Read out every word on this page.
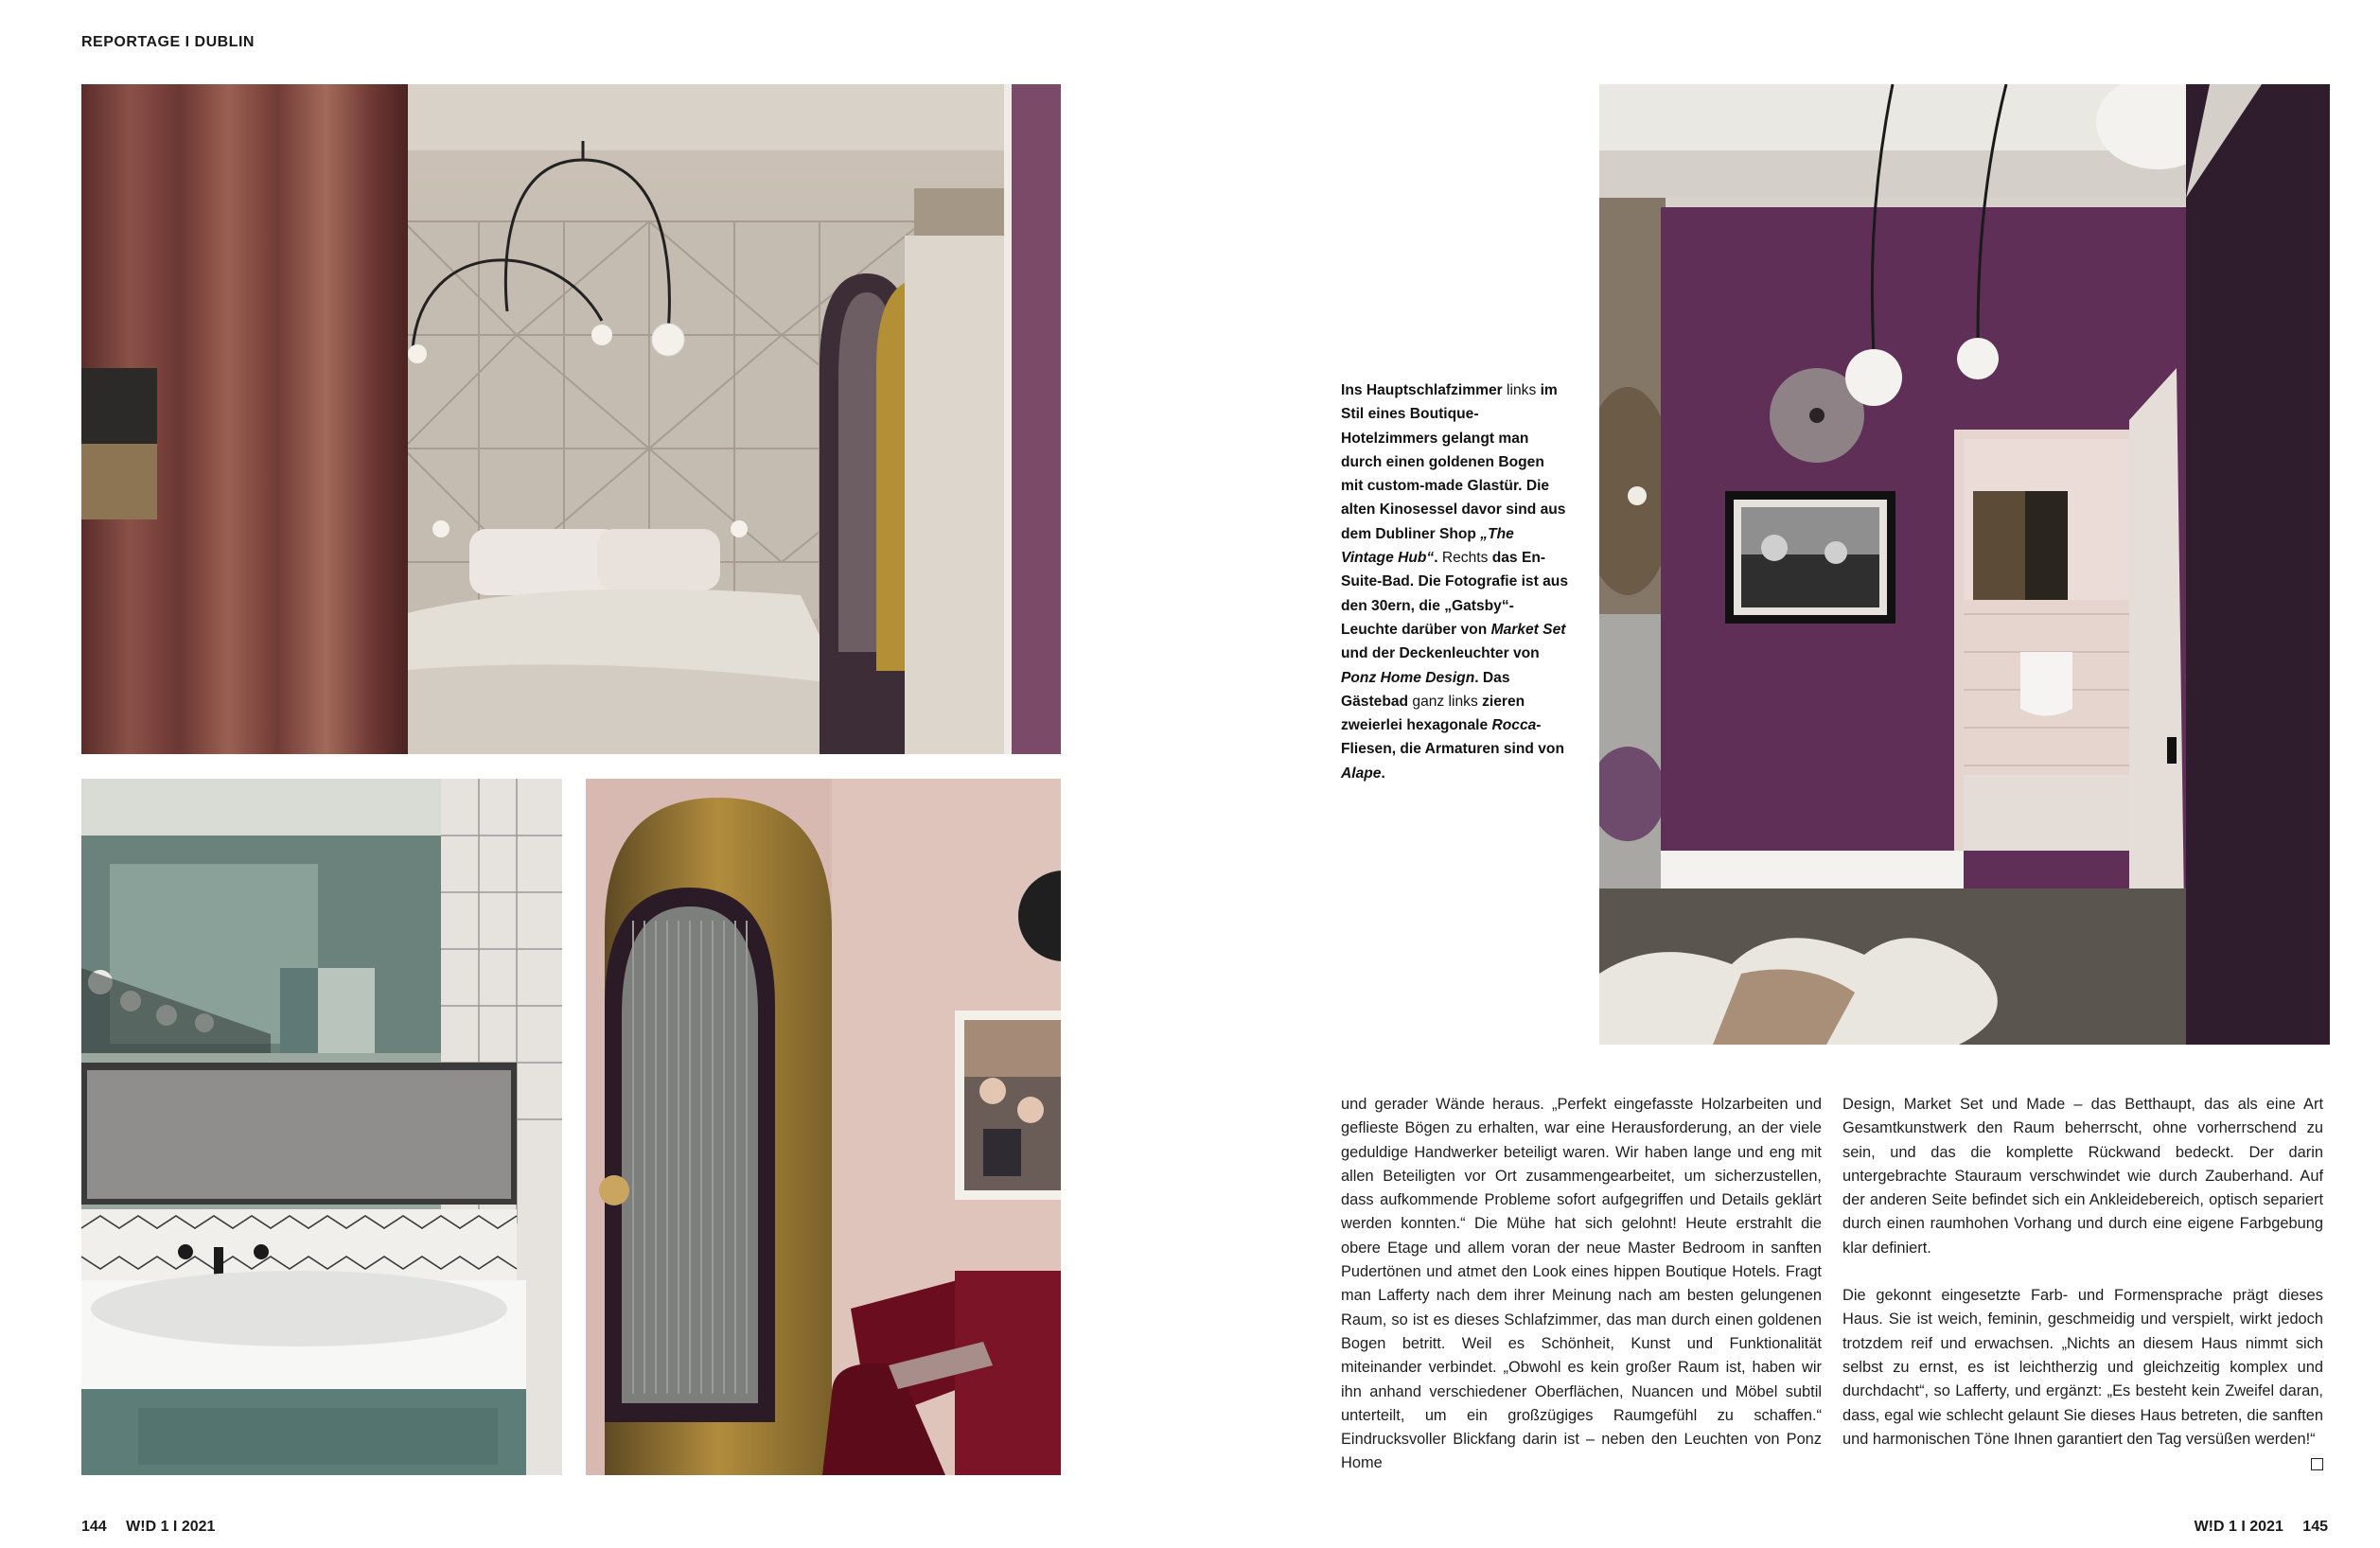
REPORTAGE I DUBLIN
Ins Hauptschlafzimmer links im Stil eines Boutique-Hotelzimmers gelangt man durch einen goldenen Bogen mit custom-made Glastür. Die alten Kinosessel davor sind aus dem Dubliner Shop „The Vintage Hub“. Rechts das En-Suite-Bad. Die Fotografie ist aus den 30ern, die „Gatsby“-Leuchte darüber von Market Set und der Deckenleuchter von Ponz Home Design. Das Gästebad ganz links zieren zweierlei hexagonale Rocca-Fliesen, die Armaturen sind von Alape.

und gerader Wände heraus. „Perfekt eingefasste Holzarbeiten und geflieste Bögen zu erhalten, war eine Herausforderung, an der viele geduldige Handwerker beteiligt waren. Wir haben lange und eng mit allen Beteiligten vor Ort zusammengearbeitet, um sicherzustellen, dass aufkommende Probleme sofort aufgegriffen und Details geklärt werden konnten.“ Die Mühe hat sich gelohnt! Heute erstrahlt die obere Etage und allem voran der neue Master Bedroom in sanften Pudertönen und atmet den Look eines hippen Boutique Hotels. Fragt man Lafferty nach dem ihrer Meinung nach am besten gelungenen Raum, so ist es dieses Schlafzimmer, das man durch einen goldenen Bogen betritt. Weil es Schönheit, Kunst und Funktionalität miteinander verbindet. „Obwohl es kein großer Raum ist, haben wir ihn anhand verschiedener Oberflächen, Nuancen und Möbel subtil unterteilt, um ein großzügiges Raumgefühl zu schaffen.“ Eindrucksvoller Blickfang darin ist – neben den Leuchten von Ponz Home

Design, Market Set und Made – das Betthaupt, das als eine Art Gesamtkunstwerk den Raum beherrscht, ohne vorherrschend zu sein, und das die komplette Rückwand bedeckt. Der darin untergebrachte Stauraum verschwindet wie durch Zauberhand. Auf der anderen Seite befindet sich ein Ankleidebereich, optisch separiert durch einen raumhohen Vorhang und durch eine eigene Farbgebung klar definiert.

Die gekonnt eingesetzte Farb- und Formensprache prägt dieses Haus. Sie ist weich, feminin, geschmeidig und verspielt, wirkt jedoch trotzdem reif und erwachsen. „Nichts an diesem Haus nimmt sich selbst zu ernst, es ist leichtherzig und gleichzeitig komplex und durchdacht“, so Lafferty, und ergänzt: „Es besteht kein Zweifel daran, dass, egal wie schlecht gelaunt Sie dieses Haus betreten, die sanften und harmonischen Töne Ihnen garantiert den Tag versüßen werden!“

144 W!D 1 I 2021	W!D 1 I 2021 145
